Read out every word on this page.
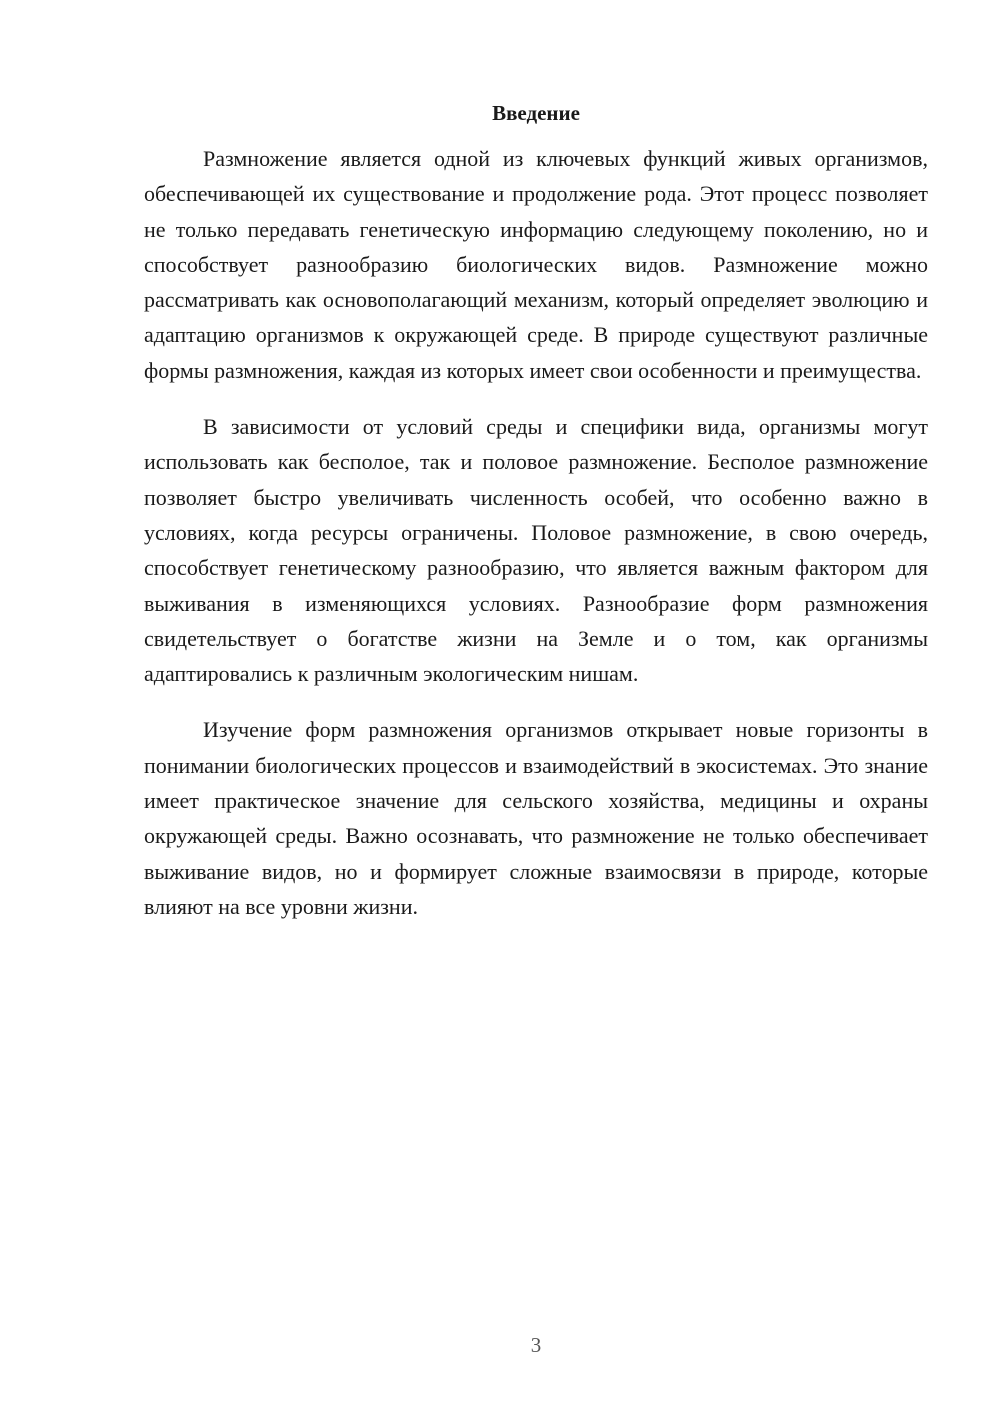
Введение

Размножение является одной из ключевых функций живых организмов, обеспечивающей их существование и продолжение рода. Этот процесс позволяет не только передавать генетическую информацию следующему поколению, но и способствует разнообразию биологических видов. Размножение можно рассматривать как основополагающий механизм, который определяет эволюцию и адаптацию организмов к окружающей среде. В природе существуют различные формы размножения, каждая из которых имеет свои особенности и преимущества.

В зависимости от условий среды и специфики вида, организмы могут использовать как бесполое, так и половое размножение. Бесполое размножение позволяет быстро увеличивать численность особей, что особенно важно в условиях, когда ресурсы ограничены. Половое размножение, в свою очередь, способствует генетическому разнообразию, что является важным фактором для выживания в изменяющихся условиях. Разнообразие форм размножения свидетельствует о богатстве жизни на Земле и о том, как организмы адаптировались к различным экологическим нишам.

Изучение форм размножения организмов открывает новые горизонты в понимании биологических процессов и взаимодействий в экосистемах. Это знание имеет практическое значение для сельского хозяйства, медицины и охраны окружающей среды. Важно осознавать, что размножение не только обеспечивает выживание видов, но и формирует сложные взаимосвязи в природе, которые влияют на все уровни жизни.

3
